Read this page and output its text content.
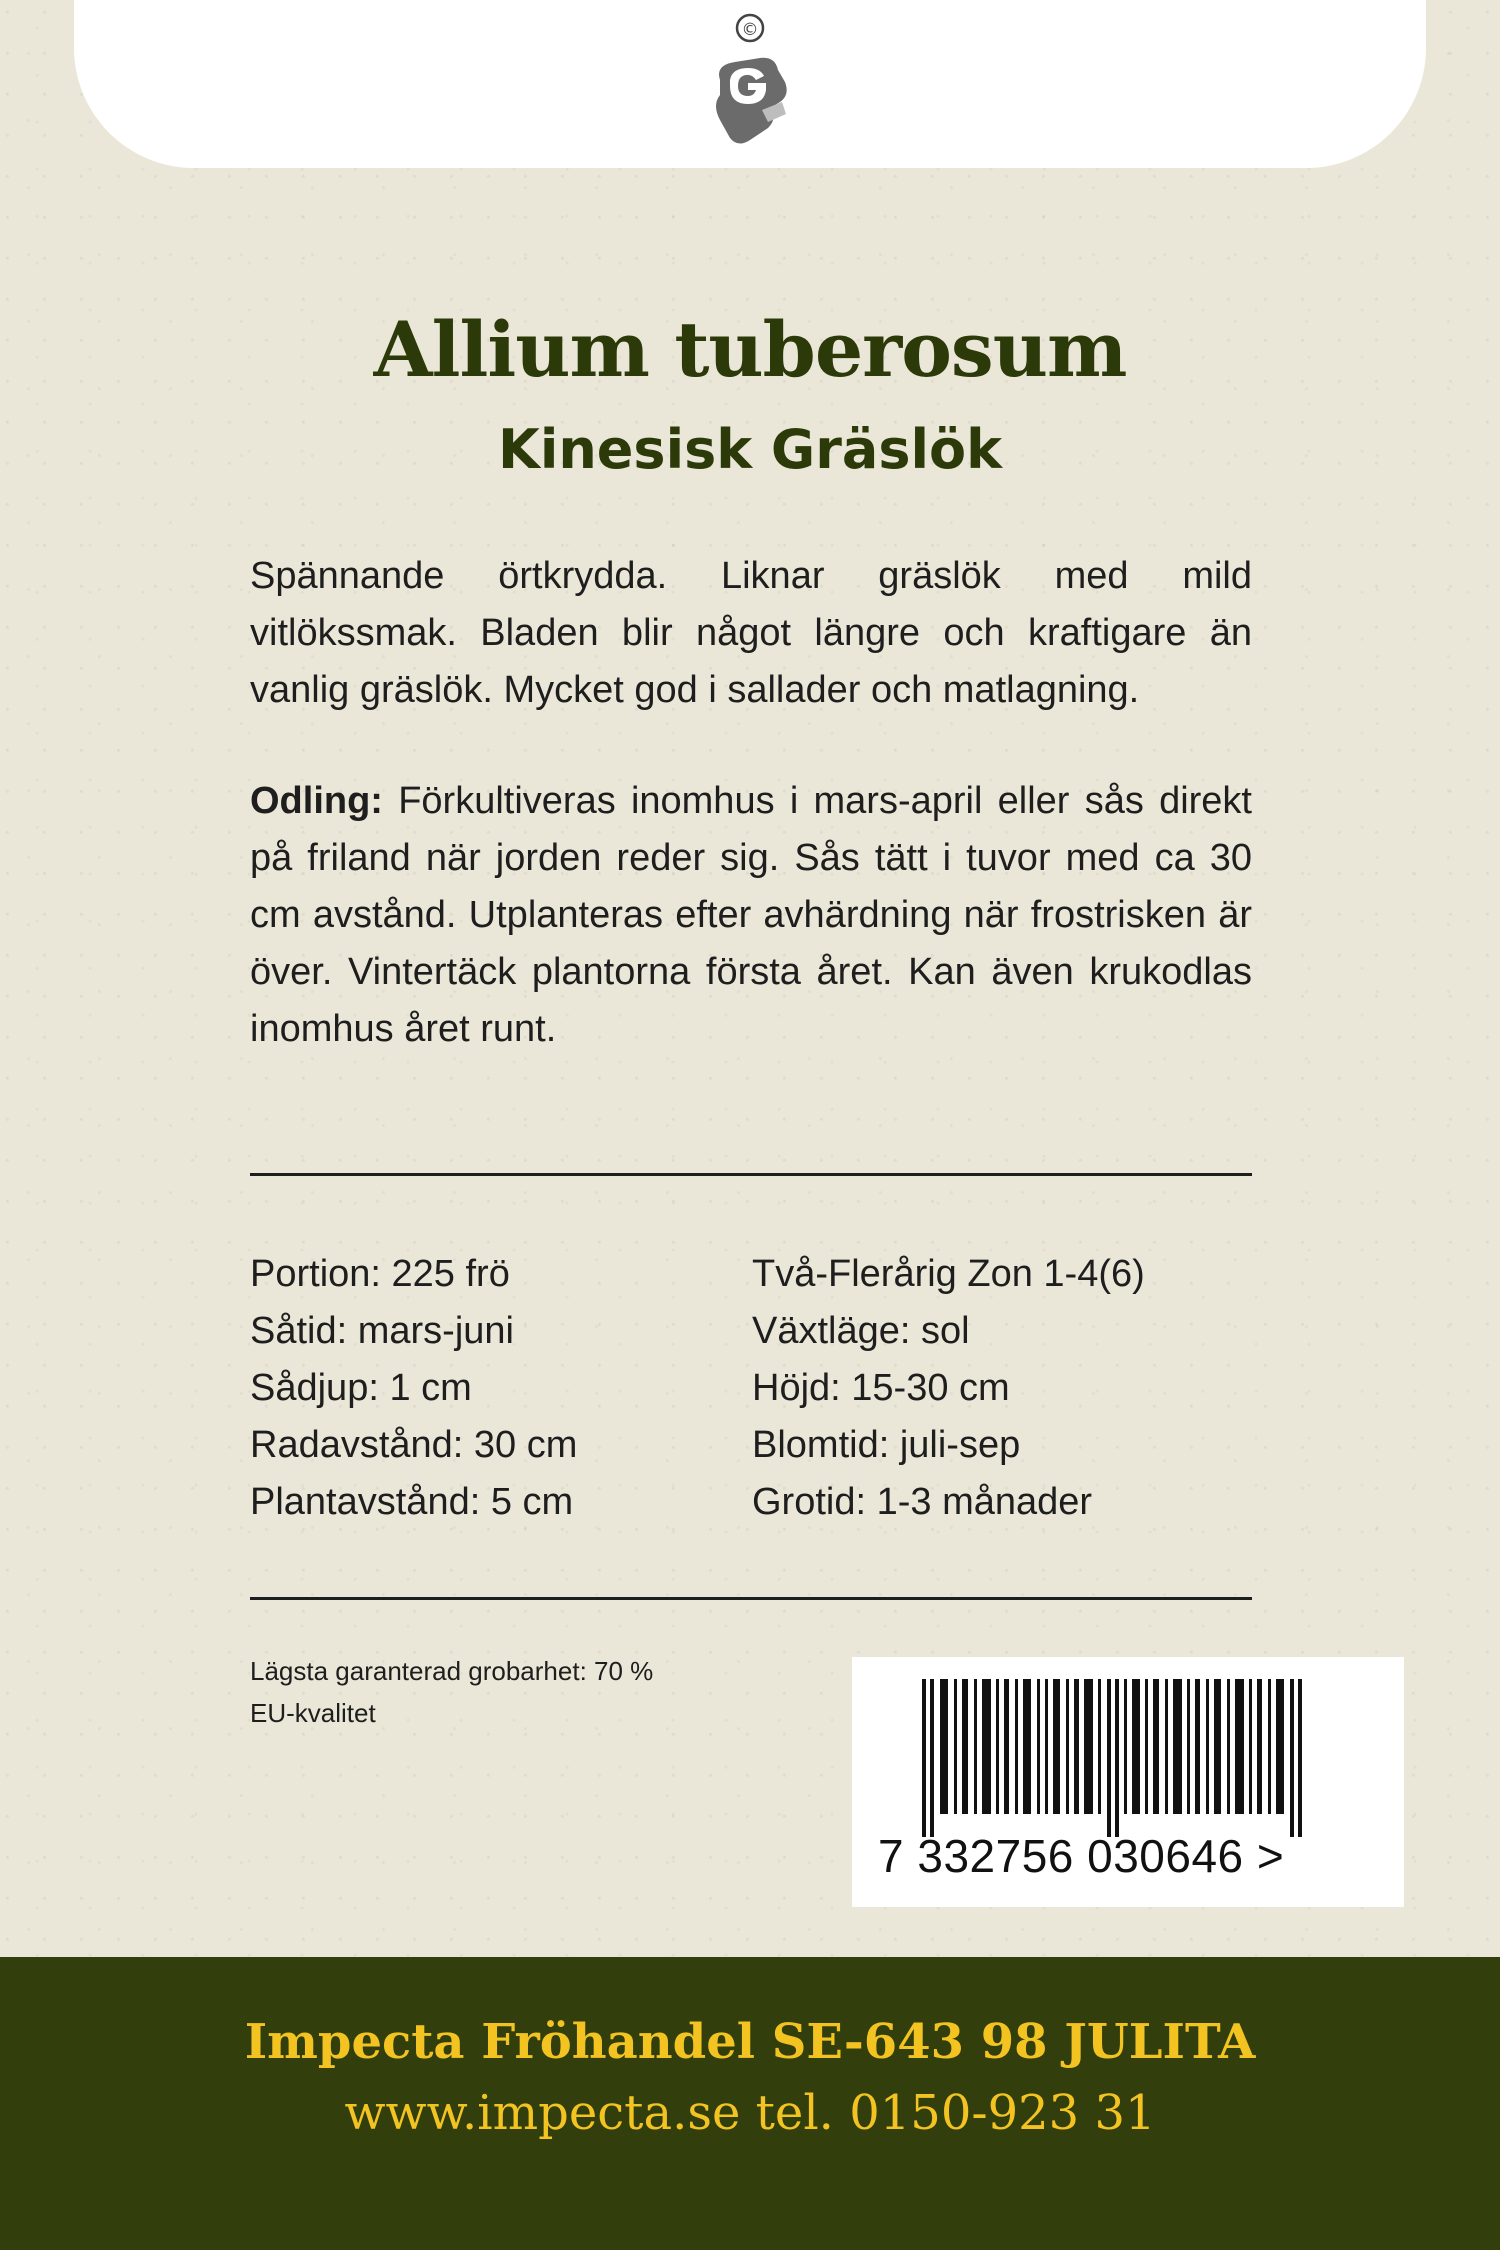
©
Allium tuberosum
Kinesisk Gräslök

Spännande örtkrydda. Liknar gräslök med mild vitlökssmak. Bladen blir något längre och kraftigare än vanlig gräslök. Mycket god i sallader och matlagning.

Odling: Förkultiveras inomhus i mars-april eller sås direkt på friland när jorden reder sig. Sås tätt i tuvor med ca 30 cm avstånd. Utplanteras efter avhärdning när frostrisken är över. Vintertäck plantorna första året. Kan även krukodlas inomhus året runt.

Portion: 225 frö
Såtid: mars-juni
Sådjup: 1 cm
Radavstånd: 30 cm
Plantavstånd: 5 cm
Två-Flerårig Zon 1-4(6)
Växtläge: sol
Höjd: 15-30 cm
Blomtid: juli-sep
Grotid: 1-3 månader
Lägsta garanterad grobarhet: 70 %
EU-kvalitet
7 332756 030646 >
Impecta Fröhandel SE-643 98 JULITA
www.impecta.se tel. 0150-923 31
